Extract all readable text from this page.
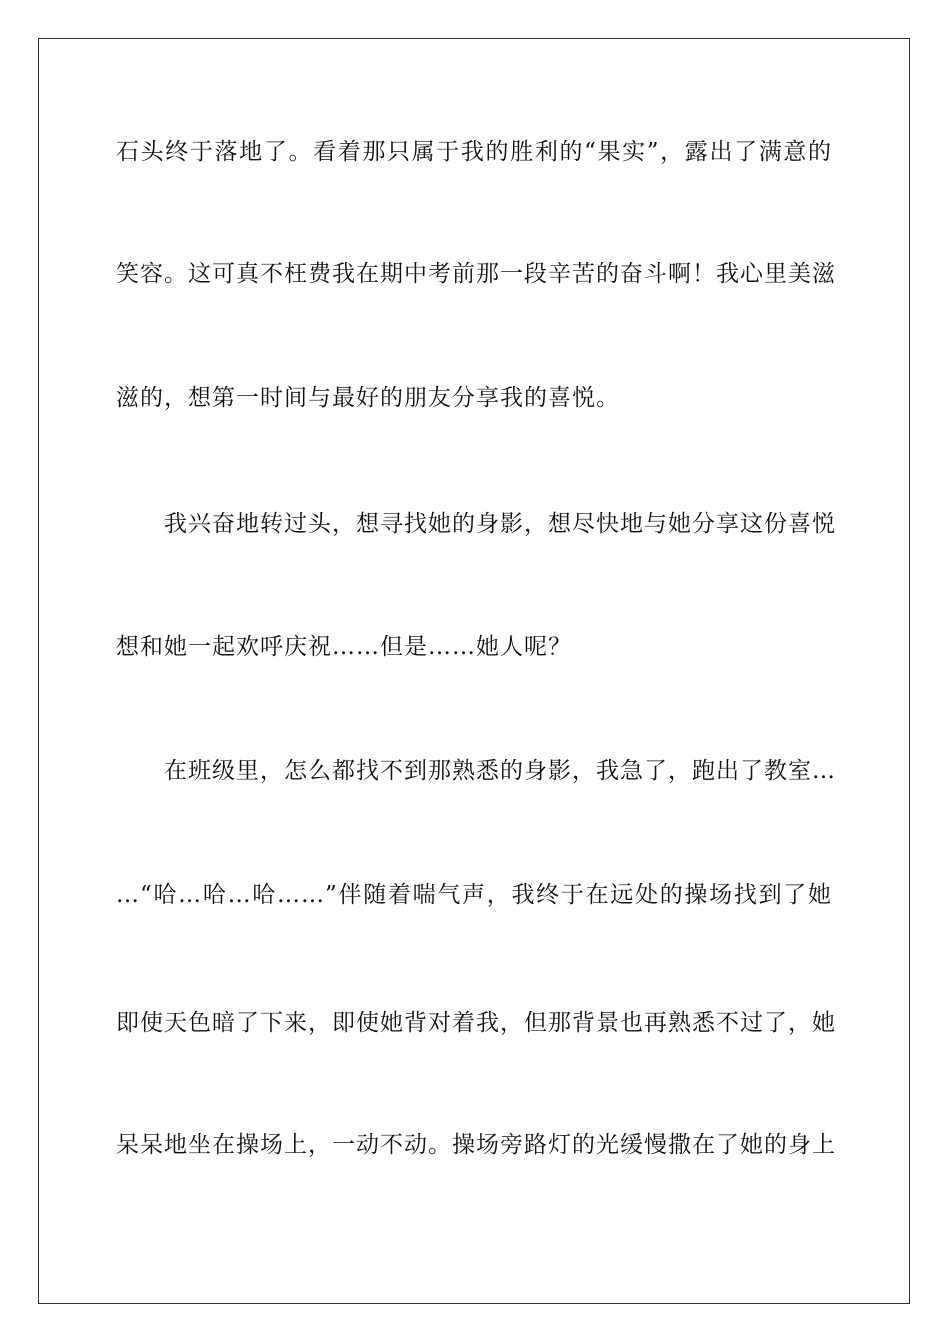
石头终于落地了。看着那只属于我的胜利的“果实”，露出了满意的
笑容。这可真不枉费我在期中考前那一段辛苦的奋斗啊！我心里美滋
滋的，想第一时间与最好的朋友分享我的喜悦。
我兴奋地转过头，想寻找她的身影，想尽快地与她分享这份喜悦
想和她一起欢呼庆祝……但是……她人呢？
在班级里，怎么都找不到那熟悉的身影，我急了，跑出了教室…
…“哈…哈…哈……”伴随着喘气声，我终于在远处的操场找到了她
即使天色暗了下来，即使她背对着我，但那背景也再熟悉不过了，她
呆呆地坐在操场上，一动不动。操场旁路灯的光缓慢撒在了她的身上
